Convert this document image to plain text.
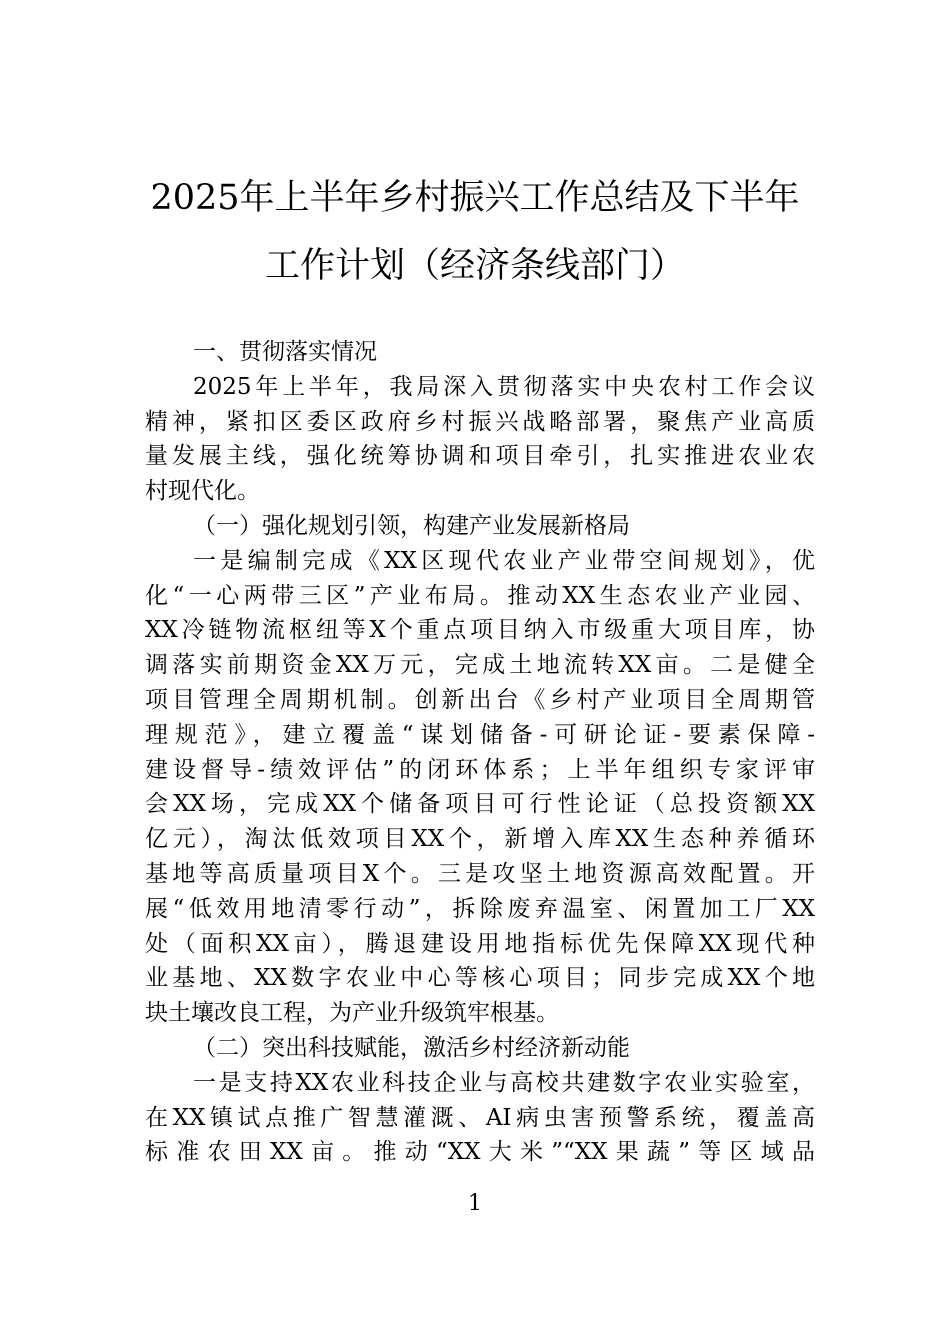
2025年上半年乡村振兴工作总结及下半年
工作计划（经济条线部门）
一、贯彻落实情况
2025年上半年，我局深入贯彻落实中央农村工作会议
精神，紧扣区委区政府乡村振兴战略部署，聚焦产业高质
量发展主线，强化统筹协调和项目牵引，扎实推进农业农
村现代化。
（一）强化规划引领，构建产业发展新格局
一是编制完成《XX区现代农业产业带空间规划》，优
化“一心两带三区”产业布局。推动XX生态农业产业园、
XX冷链物流枢纽等X个重点项目纳入市级重大项目库，协
调落实前期资金XX万元，完成土地流转XX亩。二是健全
项目管理全周期机制。创新出台《乡村产业项目全周期管
理规范》，建立覆盖“谋划储备-可研论证-要素保障-
建设督导-绩效评估”的闭环体系；上半年组织专家评审
会XX场，完成XX个储备项目可行性论证（总投资额XX
亿元），淘汰低效项目XX个，新增入库XX生态种养循环
基地等高质量项目X个。三是攻坚土地资源高效配置。开
展“低效用地清零行动”，拆除废弃温室、闲置加工厂XX
处（面积XX亩），腾退建设用地指标优先保障XX现代种
业基地、XX数字农业中心等核心项目；同步完成XX个地
块土壤改良工程，为产业升级筑牢根基。
（二）突出科技赋能，激活乡村经济新动能
一是支持XX农业科技企业与高校共建数字农业实验室，
在XX镇试点推广智慧灌溉、AI病虫害预警系统，覆盖高
标准农田XX亩。推动“XX大米”“XX果蔬”等区域品
1
